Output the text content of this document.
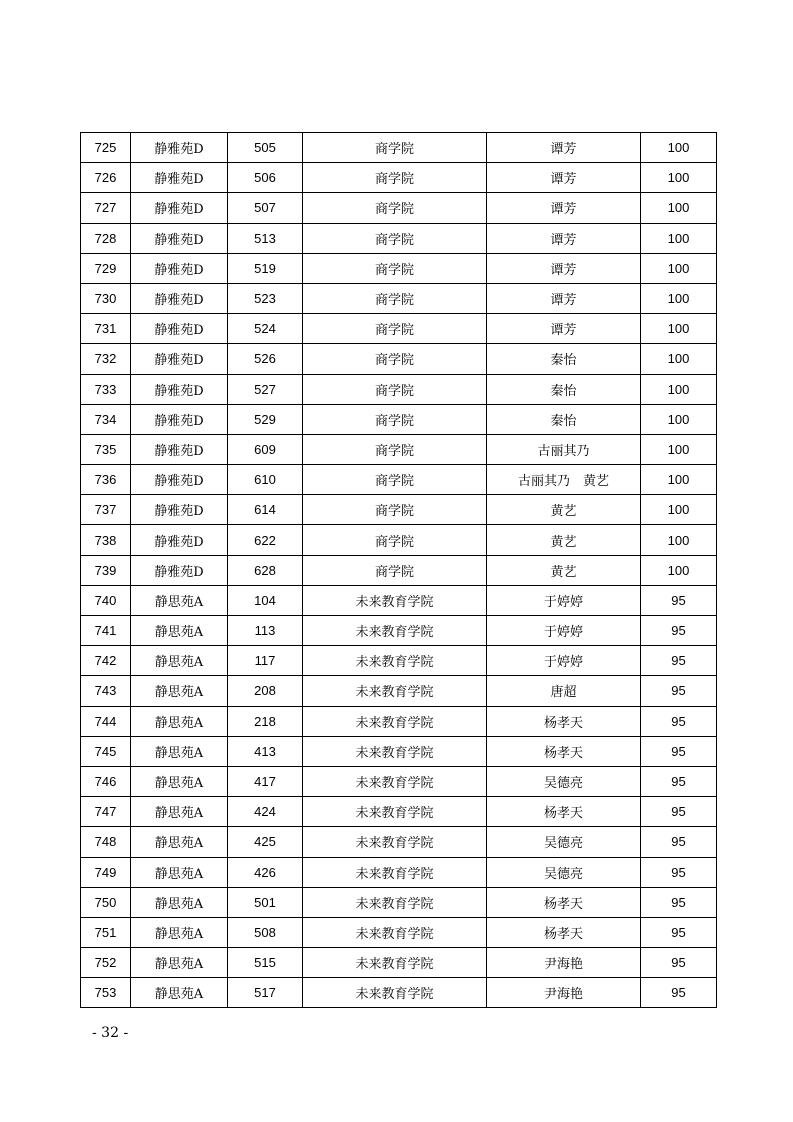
725	静雅苑D	505	商学院	谭芳	100
726	静雅苑D	506	商学院	谭芳	100
727	静雅苑D	507	商学院	谭芳	100
728	静雅苑D	513	商学院	谭芳	100
729	静雅苑D	519	商学院	谭芳	100
730	静雅苑D	523	商学院	谭芳	100
731	静雅苑D	524	商学院	谭芳	100
732	静雅苑D	526	商学院	秦怡	100
733	静雅苑D	527	商学院	秦怡	100
734	静雅苑D	529	商学院	秦怡	100
735	静雅苑D	609	商学院	古丽其乃	100
736	静雅苑D	610	商学院	古丽其乃　黄艺	100
737	静雅苑D	614	商学院	黄艺	100
738	静雅苑D	622	商学院	黄艺	100
739	静雅苑D	628	商学院	黄艺	100
740	静思苑A	104	未来教育学院	于婷婷	95
741	静思苑A	113	未来教育学院	于婷婷	95
742	静思苑A	117	未来教育学院	于婷婷	95
743	静思苑A	208	未来教育学院	唐超	95
744	静思苑A	218	未来教育学院	杨孝天	95
745	静思苑A	413	未来教育学院	杨孝天	95
746	静思苑A	417	未来教育学院	吴德亮	95
747	静思苑A	424	未来教育学院	杨孝天	95
748	静思苑A	425	未来教育学院	吴德亮	95
749	静思苑A	426	未来教育学院	吴德亮	95
750	静思苑A	501	未来教育学院	杨孝天	95
751	静思苑A	508	未来教育学院	杨孝天	95
752	静思苑A	515	未来教育学院	尹海艳	95
753	静思苑A	517	未来教育学院	尹海艳	95
- 32 -
